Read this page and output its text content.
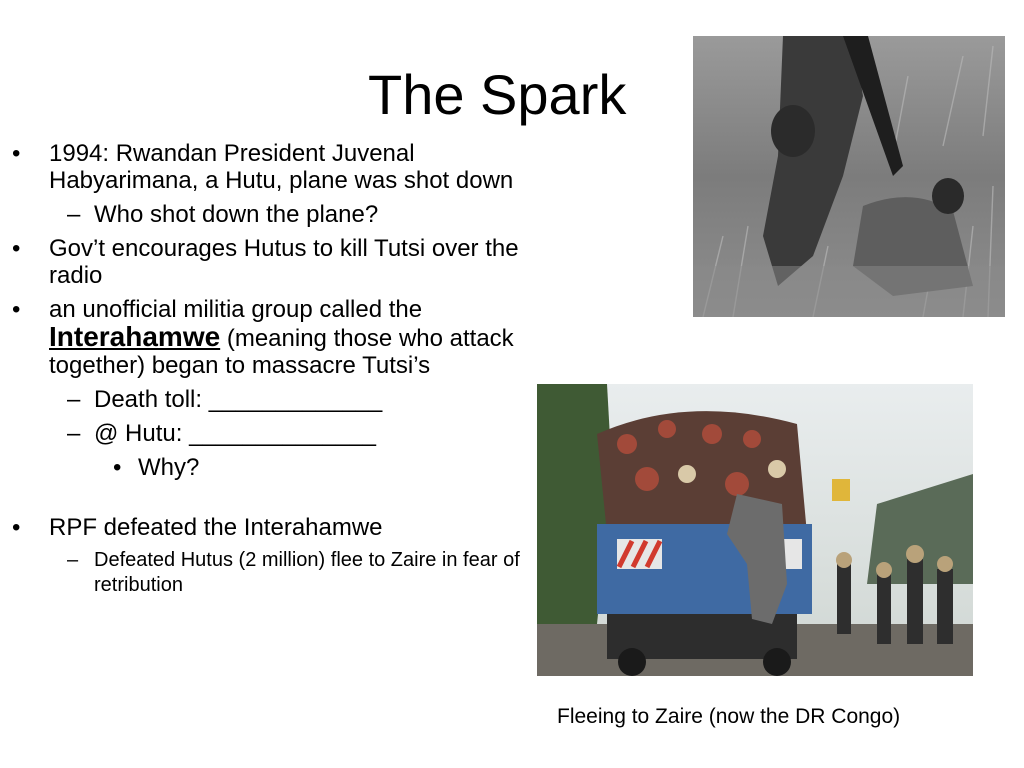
The Spark
• 1994: Rwandan President Juvenal Habyarimana, a Hutu, plane was shot down
– Who shot down the plane?
• Gov’t encourages Hutus to kill Tutsi over the radio
• an unofficial militia group called the Interahamwe (meaning those who attack together) began to massacre Tutsi’s
– Death toll: _____________
– @ Hutu: ______________
• Why?
• RPF defeated the Interahamwe
– Defeated Hutus (2 million) flee to Zaire in fear of retribution
Fleeing to Zaire (now the DR Congo)
